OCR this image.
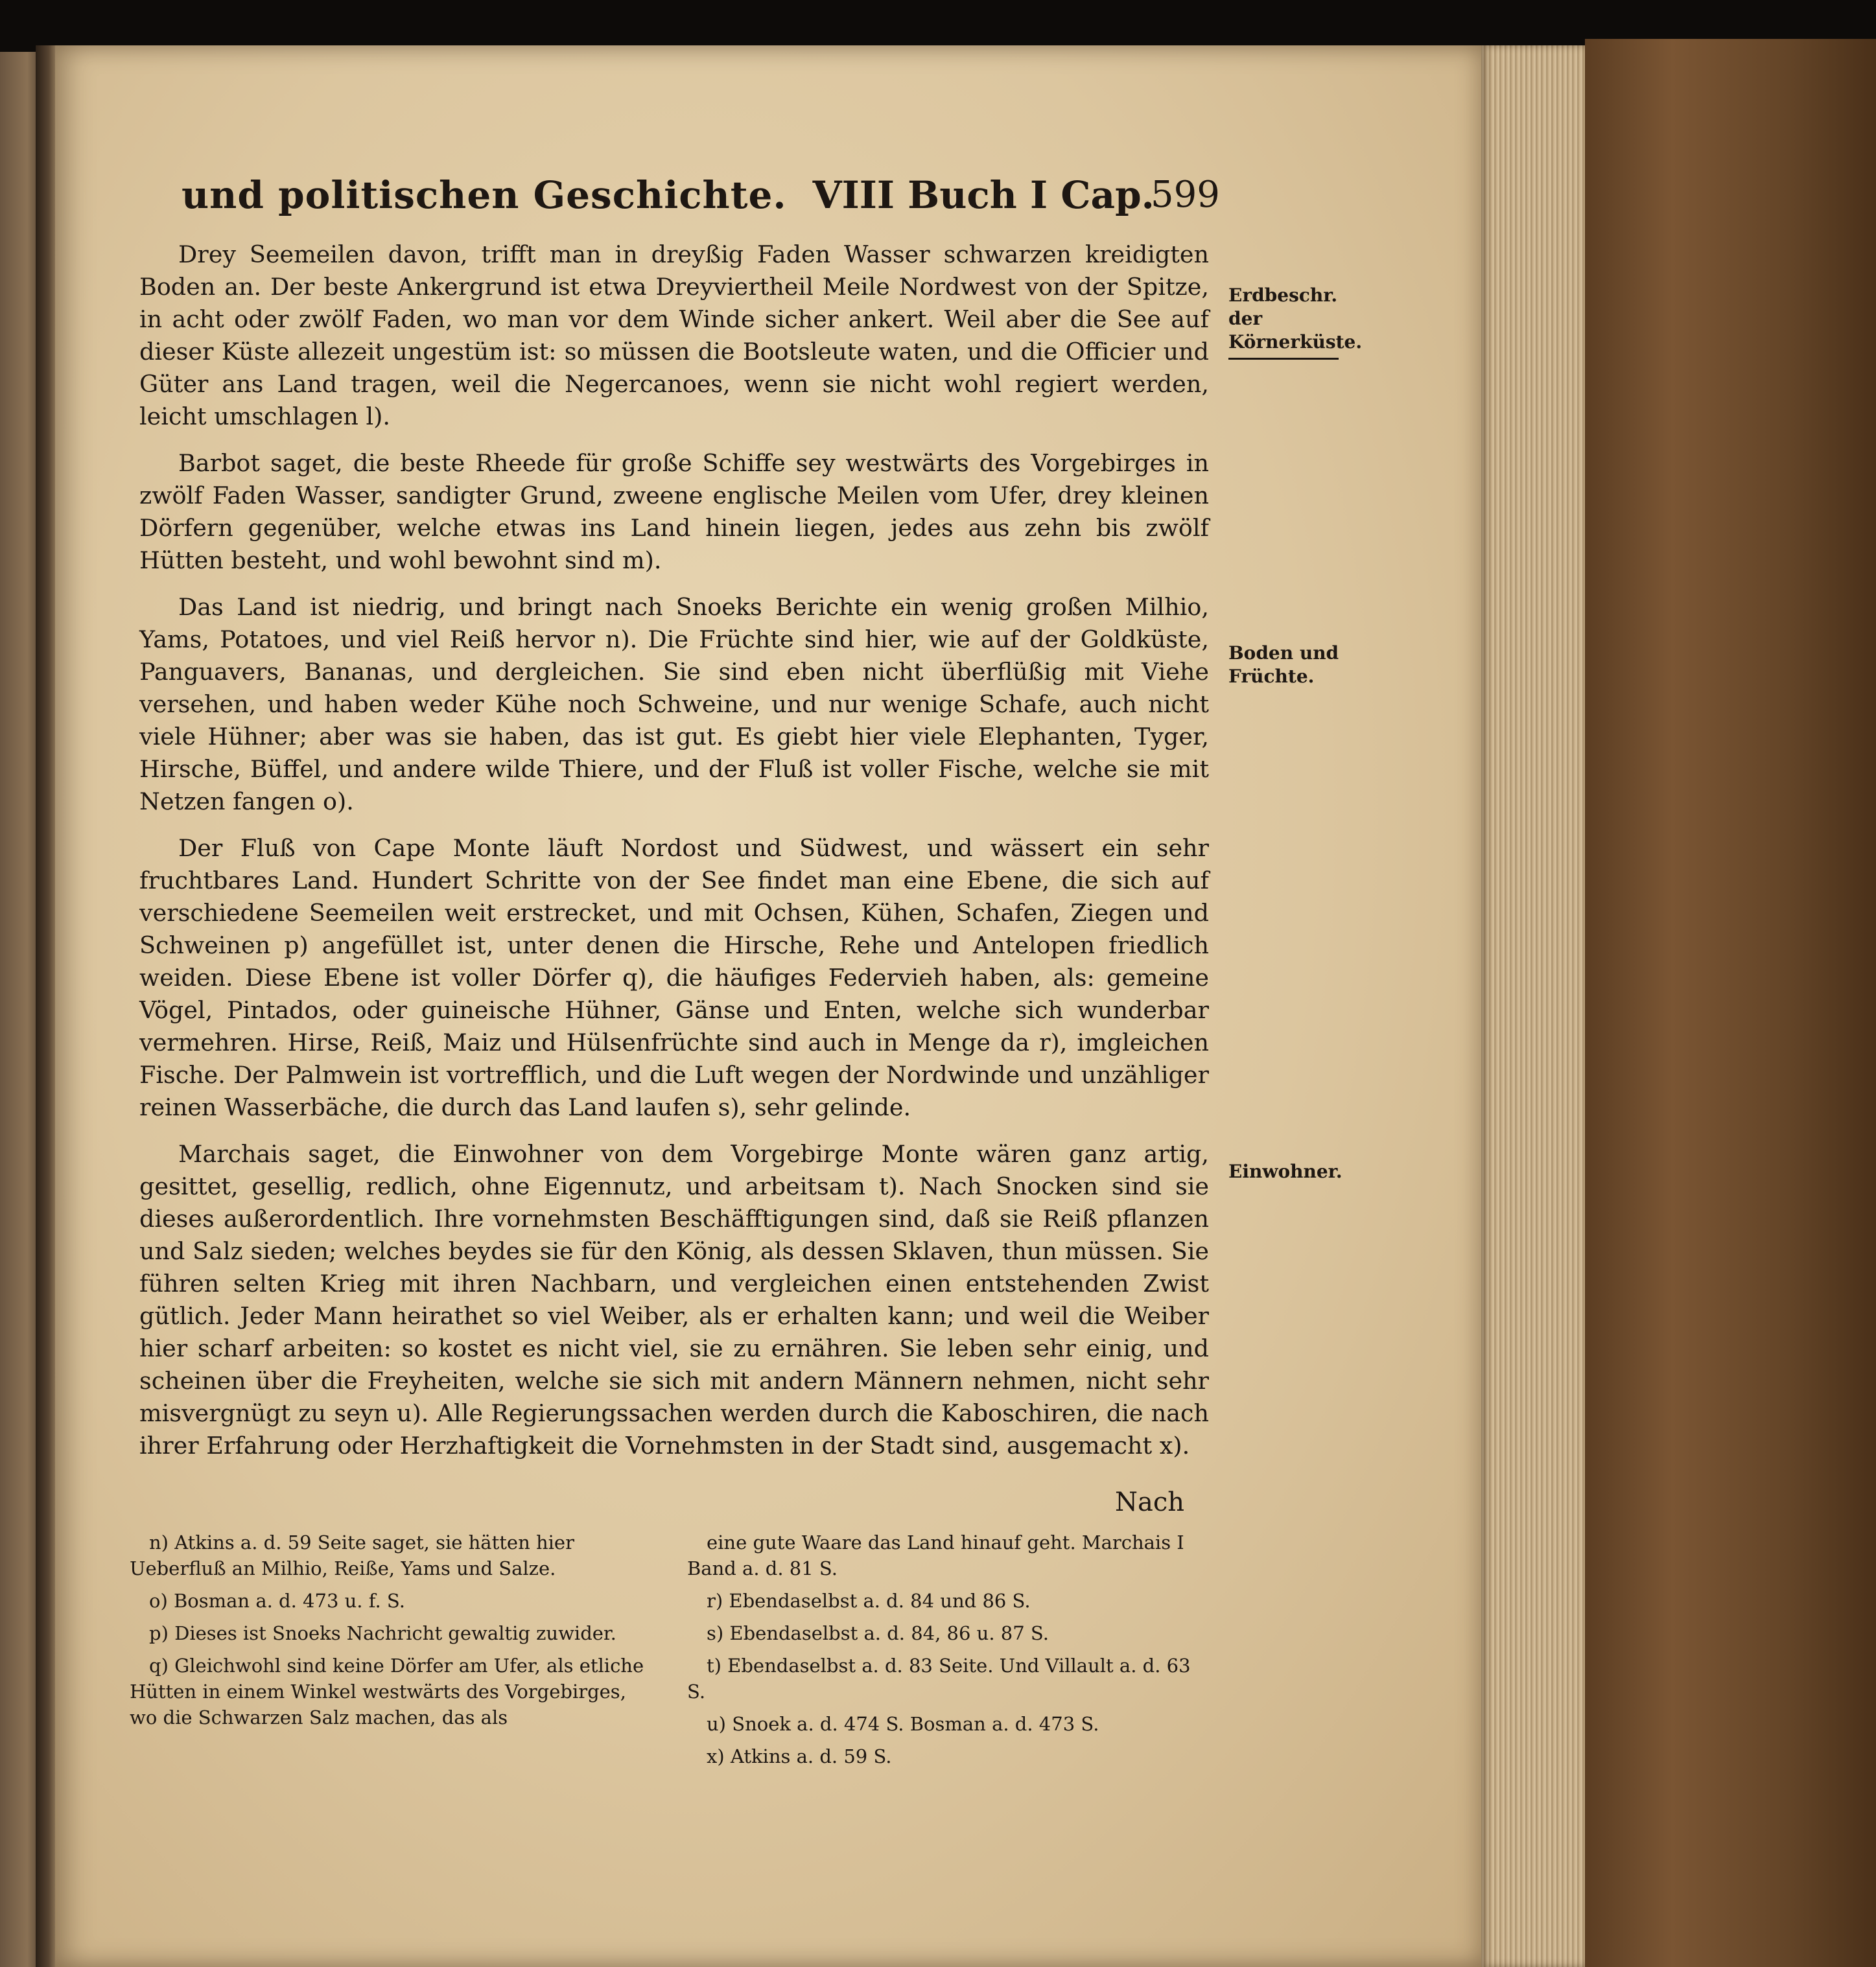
und politischen Geschichte. VIII Buch I Cap.
599

Drey Seemeilen davon, trifft man in dreyßig Faden Wasser schwarzen kreidigten Boden an. Der beste Ankergrund ist etwa Dreyviertheil Meile Nordwest von der Spitze, in acht oder zwölf Faden, wo man vor dem Winde sicher ankert. Weil aber die See auf dieser Küste allezeit ungestüm ist: so müssen die Bootsleute waten, und die Officier und Güter ans Land tragen, weil die Negercanoes, wenn sie nicht wohl regiert werden, leicht umschlagen l).

Barbot saget, die beste Rheede für große Schiffe sey westwärts des Vorgebirges in zwölf Faden Wasser, sandigter Grund, zweene englische Meilen vom Ufer, drey kleinen Dörfern gegenüber, welche etwas ins Land hinein liegen, jedes aus zehn bis zwölf Hütten besteht, und wohl bewohnt sind m).

Das Land ist niedrig, und bringt nach Snoeks Berichte ein wenig großen Milhio, Yams, Potatoes, und viel Reiß hervor n). Die Früchte sind hier, wie auf der Goldküste, Panguavers, Bananas, und dergleichen. Sie sind eben nicht überflüßig mit Viehe versehen, und haben weder Kühe noch Schweine, und nur wenige Schafe, auch nicht viele Hühner; aber was sie haben, das ist gut. Es giebt hier viele Elephanten, Tyger, Hirsche, Büffel, und andere wilde Thiere, und der Fluß ist voller Fische, welche sie mit Netzen fangen o).

Der Fluß von Cape Monte läuft Nordost und Südwest, und wässert ein sehr fruchtbares Land. Hundert Schritte von der See findet man eine Ebene, die sich auf verschiedene Seemeilen weit erstrecket, und mit Ochsen, Kühen, Schafen, Ziegen und Schweinen p) angefüllet ist, unter denen die Hirsche, Rehe und Antelopen friedlich weiden. Diese Ebene ist voller Dörfer q), die häufiges Federvieh haben, als: gemeine Vögel, Pintados, oder guineische Hühner, Gänse und Enten, welche sich wunderbar vermehren. Hirse, Reiß, Maiz und Hülsenfrüchte sind auch in Menge da r), imgleichen Fische. Der Palmwein ist vortrefflich, und die Luft wegen der Nordwinde und unzähliger reinen Wasserbäche, die durch das Land laufen s), sehr gelinde.

Marchais saget, die Einwohner von dem Vorgebirge Monte wären ganz artig, gesittet, gesellig, redlich, ohne Eigennutz, und arbeitsam t). Nach Snocken sind sie dieses außerordentlich. Ihre vornehmsten Beschäfftigungen sind, daß sie Reiß pflanzen und Salz sieden; welches beydes sie für den König, als dessen Sklaven, thun müssen. Sie führen selten Krieg mit ihren Nachbarn, und vergleichen einen entstehenden Zwist gütlich. Jeder Mann heirathet so viel Weiber, als er erhalten kann; und weil die Weiber hier scharf arbeiten: so kostet es nicht viel, sie zu ernähren. Sie leben sehr einig, und scheinen über die Freyheiten, welche sie sich mit andern Männern nehmen, nicht sehr misvergnügt zu seyn u). Alle Regierungssachen werden durch die Kaboschiren, die nach ihrer Erfahrung oder Herzhaftigkeit die Vornehmsten in der Stadt sind, ausgemacht x).

Nach
Erdbeschr. der Körnerküste.
Boden und Früchte.
Einwohner.

n) Atkins a. d. 59 Seite saget, sie hätten hier Ueberfluß an Milhio, Reiße, Yams und Salze.

o) Bosman a. d. 473 u. f. S.

p) Dieses ist Snoeks Nachricht gewaltig zuwider.

q) Gleichwohl sind keine Dörfer am Ufer, als etliche Hütten in einem Winkel westwärts des Vorgebirges, wo die Schwarzen Salz machen, das als

eine gute Waare das Land hinauf geht. Marchais I Band a. d. 81 S.

r) Ebendaselbst a. d. 84 und 86 S.

s) Ebendaselbst a. d. 84, 86 u. 87 S.

t) Ebendaselbst a. d. 83 Seite. Und Villault a. d. 63 S.

u) Snoek a. d. 474 S. Bosman a. d. 473 S.

x) Atkins a. d. 59 S.
